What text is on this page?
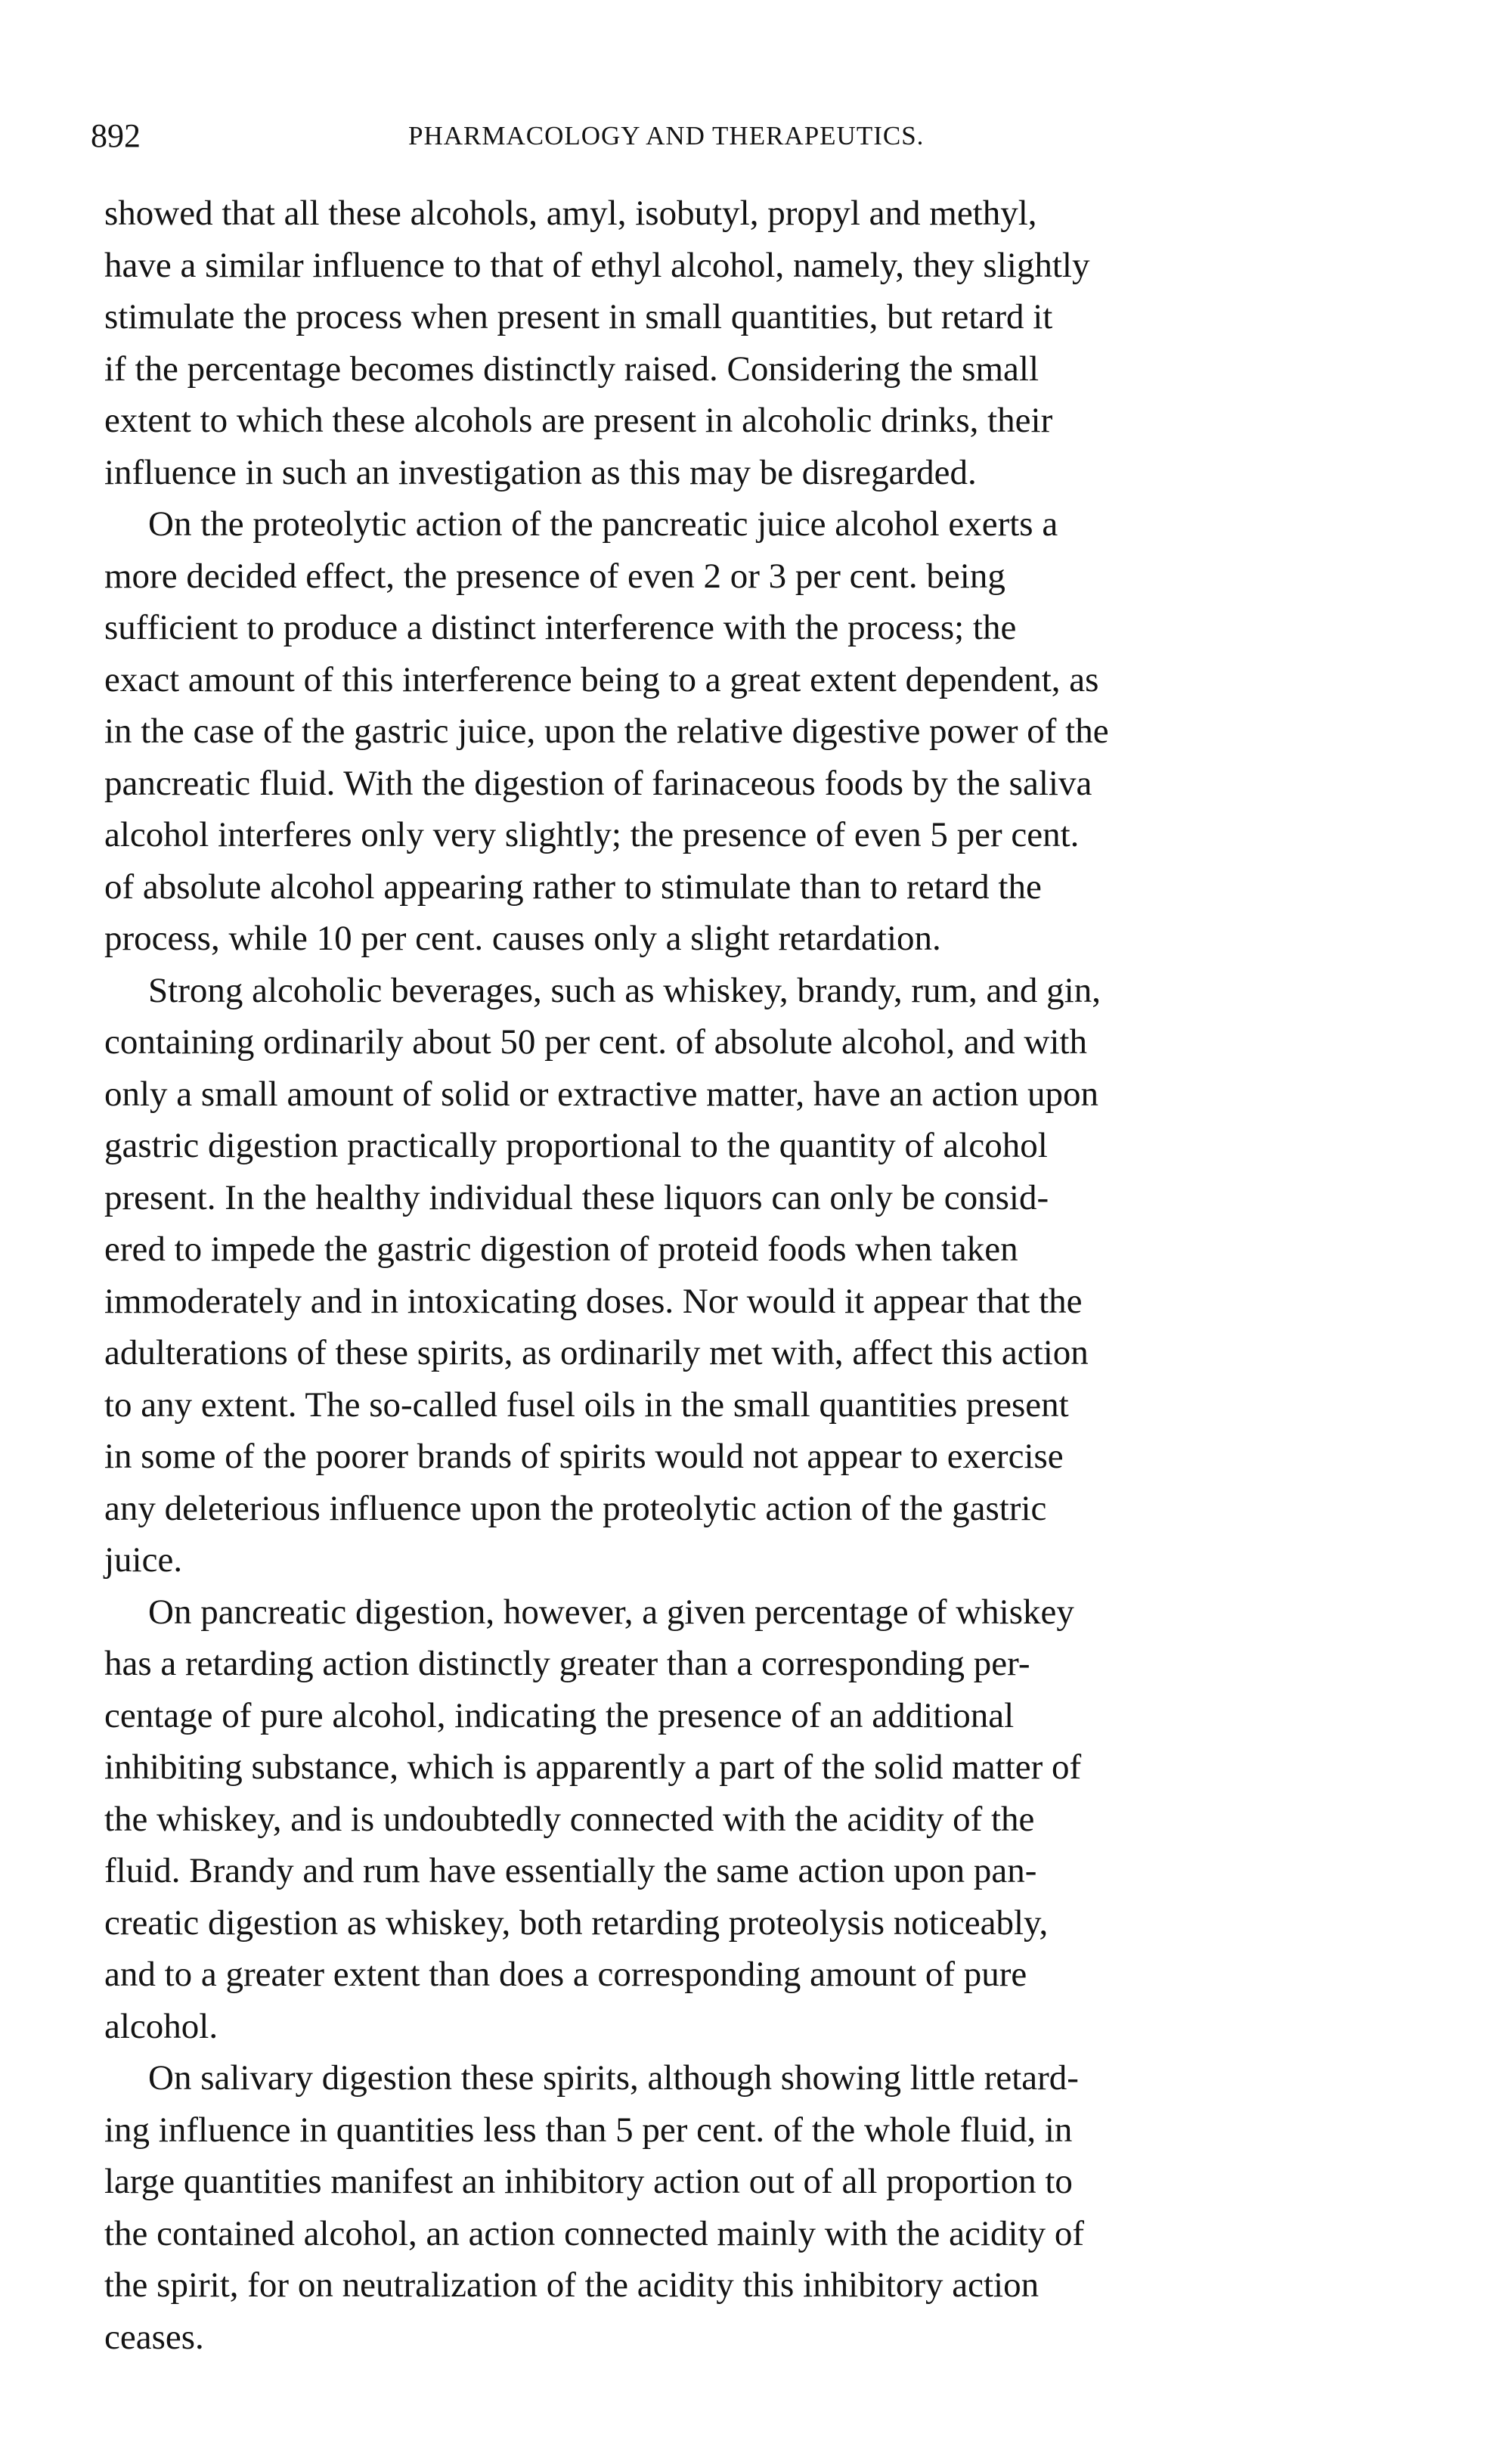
892	PHARMACOLOGY AND THERAPEUTICS.
showed that all these alcohols, amyl, isobutyl, propyl and methyl,
have a similar influence to that of ethyl alcohol, namely, they slightly
stimulate the process when present in small quantities, but retard it
if the percentage becomes distinctly raised. Considering the small
extent to which these alcohols are present in alcoholic drinks, their
influence in such an investigation as this may be disregarded.
On the proteolytic action of the pancreatic juice alcohol exerts a
more decided effect, the presence of even 2 or 3 per cent. being
sufficient to produce a distinct interference with the process; the
exact amount of this interference being to a great extent dependent, as
in the case of the gastric juice, upon the relative digestive power of the
pancreatic fluid. With the digestion of farinaceous foods by the saliva
alcohol interferes only very slightly; the presence of even 5 per cent.
of absolute alcohol appearing rather to stimulate than to retard the
process, while 10 per cent. causes only a slight retardation.
Strong alcoholic beverages, such as whiskey, brandy, rum, and gin,
containing ordinarily about 50 per cent. of absolute alcohol, and with
only a small amount of solid or extractive matter, have an action upon
gastric digestion practically proportional to the quantity of alcohol
present. In the healthy individual these liquors can only be consid-
ered to impede the gastric digestion of proteid foods when taken
immoderately and in intoxicating doses. Nor would it appear that the
adulterations of these spirits, as ordinarily met with, affect this action
to any extent. The so-called fusel oils in the small quantities present
in some of the poorer brands of spirits would not appear to exercise
any deleterious influence upon the proteolytic action of the gastric
juice.
On pancreatic digestion, however, a given percentage of whiskey
has a retarding action distinctly greater than a corresponding per-
centage of pure alcohol, indicating the presence of an additional
inhibiting substance, which is apparently a part of the solid matter of
the whiskey, and is undoubtedly connected with the acidity of the
fluid. Brandy and rum have essentially the same action upon pan-
creatic digestion as whiskey, both retarding proteolysis noticeably,
and to a greater extent than does a corresponding amount of pure
alcohol.
On salivary digestion these spirits, although showing little retard-
ing influence in quantities less than 5 per cent. of the whole fluid, in
large quantities manifest an inhibitory action out of all proportion to
the contained alcohol, an action connected mainly with the acidity of
the spirit, for on neutralization of the acidity this inhibitory action
ceases.
